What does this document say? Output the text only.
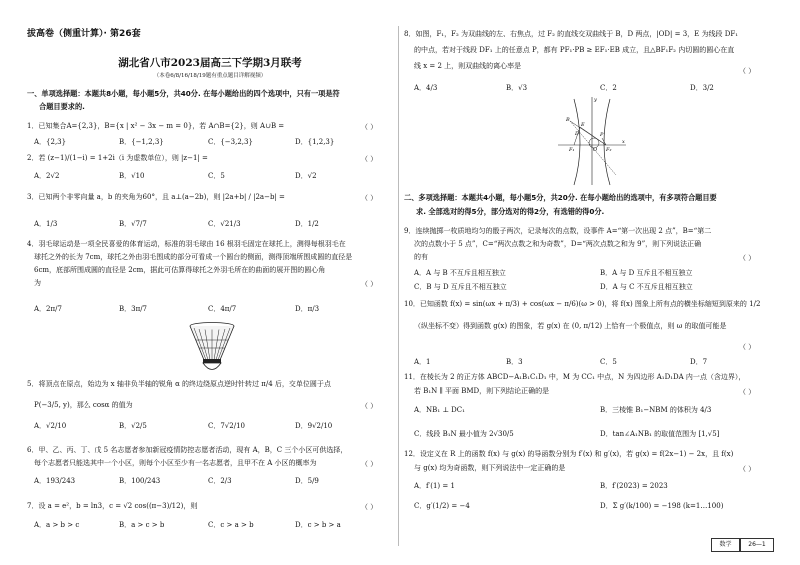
拔高卷（侧重计算）· 第26套
湖北省八市2023届高三下学期3月联考
（本卷6/8/16/18/19题有重点题目详解视频）
一、单项选择题：本题共8小题，每小题5分，共40分. 在每小题给出的四个选项中，只有一项是符
合题目要求的.
1．已知集合A={2,3}，B={x | x² − 3x − m = 0}，若 A∩B={2}，则 A∪B =	（ ）
A．{2,3}	B．{−1,2,3}	C．{−3,2,3}	D．{1,2,3}
2．若 (z−1)/(1−i) = 1+2i（i 为虚数单位），则 |z−1| =	（ ）
A．2√2	B．√10	C．5	D．√2
3．已知两个非零向量 a，b 的夹角为60°，且 a⊥(a−2b)，则 |2a+b| / |2a−b| =	（ ）
A．1/3	B．√7/7	C．√21/3	D．1/2
4．羽毛球运动是一项全民喜爱的体育运动，标准的羽毛球由 16 根羽毛固定在球托上，测得每根羽毛在
球托之外的长为 7cm，球托之外由羽毛围成的部分可看成一个圆台的侧面，测得顶端所围成圆的直径是
6cm，底部所围成圆的直径是 2cm，据此可估算得球托之外羽毛所在的曲面的展开图的圆心角
为	（ ）
A．2π/7	B．3π/7	C．4π/7	D．π/3
5．将顶点在原点，始边为 x 轴非负半轴的锐角 α 的终边绕原点逆时针转过 π/4 后，交单位圆于点
P(−3/5, y)，那么 cosα 的值为	（ ）
A．√2/10	B．√2/5	C．7√2/10	D．9√2/10
6．甲、乙、丙、丁、戊 5 名志愿者参加新冠疫情防控志愿者活动，现有 A，B，C 三个小区可供选择，
每个志愿者只能选其中一个小区，则每个小区至少有一名志愿者，且甲不在 A 小区的概率为	（ ）
A．193/243	B．100/243	C．2/3	D．5/9
7．设 a = e²，b = ln3，c = √2 cos((π−3)/12)，则	（ ）
A．a > b > c	B．a > c > b	C．c > a > b	D．c > b > a
8．如图，F₁，F₂ 为双曲线的左、右焦点，过 F₂ 的直线交双曲线于 B，D 两点，|OD| = 3，E 为线段 DF₁
的中点，若对于线段 DF₁ 上的任意点 P，都有 PF₁·PB ≥ EF₁·EB 成立，且△BF₁F₂ 内切圆的圆心在直
线 x = 2 上，则双曲线的离心率是
（ ）
A．4/3	B．√3	C．2	D．3/2
y
x
O
F₁	F₂
B
D
E
P
二、多项选择题：本题共4小题，每小题5分，共20分. 在每小题给出的选项中，有多项符合题目要
求. 全部选对的得5分，部分选对的得2分，有选错的得0分.
9．连续抛掷一枚质地均匀的骰子两次，记录每次的点数，设事件 A=“第一次出现 2 点”，B=“第二
次的点数小于 5 点”，C=“两次点数之和为奇数”，D=“两次点数之和为 9”，则下列说法正确
的有	（ ）
A．A 与 B 不互斥且相互独立	B．A 与 D 互斥且不相互独立
C．B 与 D 互斥且不相互独立	D．A 与 C 不互斥且相互独立
10．已知函数 f(x) = sin(ωx + π/3) + cos(ωx − π/6)(ω > 0)，将 f(x) 图象上所有点的横坐标缩短到原来的 1/2
（纵坐标不变）得到函数 g(x) 的图象，若 g(x) 在 (0, π/12) 上恰有一个极值点，则 ω 的取值可能是
（ ）
A．1	B．3	C．5	D．7
11．在棱长为 2 的正方体 ABCD−A₁B₁C₁D₁ 中，M 为 CC₁ 中点，N 为四边形 A₁D₁DA 内一点（含边界），
若 B₁N ∥ 平面 BMD，则下列结论正确的是	（ ）
A．NB₁ ⊥ DC₁	B．三棱锥 B₁−NBM 的体积为 4/3
C．线段 B₁N 最小值为 2√30/5	D．tan∠A₁NB₁ 的取值范围为 [1,√5]
12．设定义在 R 上的函数 f(x) 与 g(x) 的导函数分别为 f′(x) 和 g′(x)，若 g(x) = f(2x−1) − 2x，且 f(x)
与 g(x) 均为奇函数，则下列说法中一定正确的是	（ ）
A．f′(1) = 1	B．f′(2023) = 2023
C．g′(1/2) = −4	D．Σ g′(k/100) = −198 (k=1…100)
数学	26—1
